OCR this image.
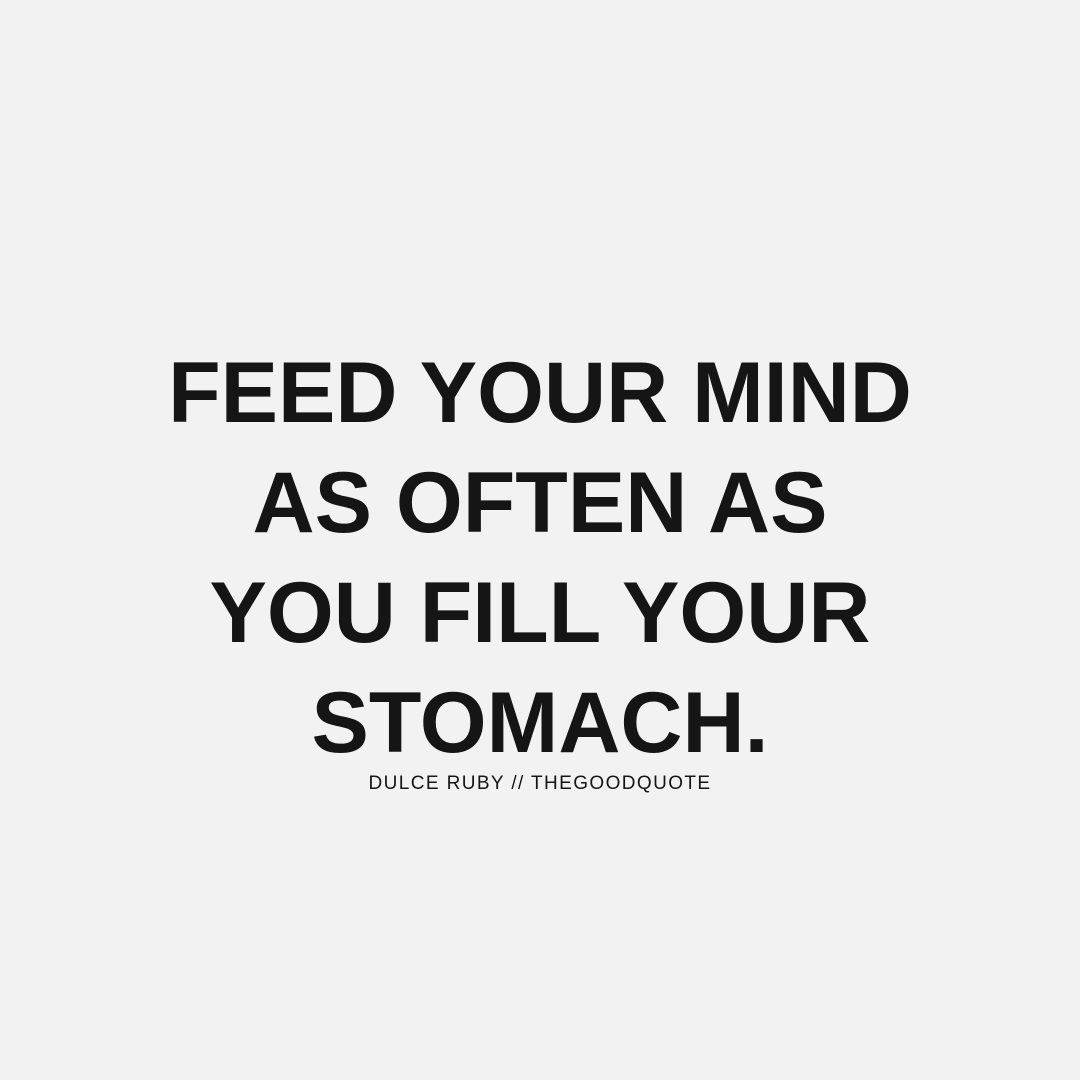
FEED YOUR MIND
AS OFTEN AS
YOU FILL YOUR
STOMACH.
DULCE RUBY // THEGOODQUOTE
